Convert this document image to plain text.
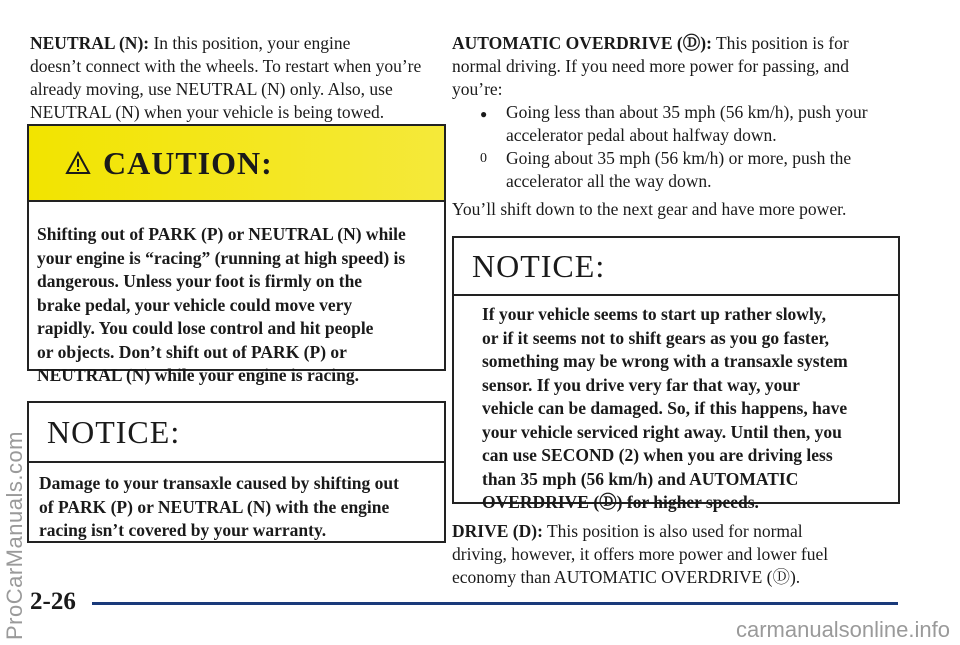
NEUTRAL (N): In this position, your engine
doesn’t connect with the wheels. To restart when you’re
already moving, use NEUTRAL (N) only. Also, use
NEUTRAL (N) when your vehicle is being towed.
CAUTION:
Shifting out of PARK (P) or NEUTRAL (N) while
your engine is “racing” (running at high speed) is
dangerous. Unless your foot is firmly on the
brake pedal, your vehicle could move very
rapidly. You could lose control and hit people
or objects. Don’t shift out of PARK (P) or
NEUTRAL (N) while your engine is racing.
NOTICE:
Damage to your transaxle caused by shifting out
of PARK (P) or NEUTRAL (N) with the engine
racing isn’t covered by your warranty.
AUTOMATIC OVERDRIVE (Ⓓ): This position is for
normal driving. If you need more power for passing, and
you’re:
● Going less than about 35 mph (56 km/h), push your
accelerator pedal about halfway down.
0 Going about 35 mph (56 km/h) or more, push the
accelerator all the way down.
You’ll shift down to the next gear and have more power.
NOTICE:
If your vehicle seems to start up rather slowly,
or if it seems not to shift gears as you go faster,
something may be wrong with a transaxle system
sensor. If you drive very far that way, your
vehicle can be damaged. So, if this happens, have
your vehicle serviced right away. Until then, you
can use SECOND (2) when you are driving less
than 35 mph (56 km/h) and AUTOMATIC
OVERDRIVE (Ⓓ) for higher speeds.
DRIVE (D): This position is also used for normal
driving, however, it offers more power and lower fuel
economy than AUTOMATIC OVERDRIVE (Ⓓ).
2-26
ProCarManuals.com	carmanualsonline.info
